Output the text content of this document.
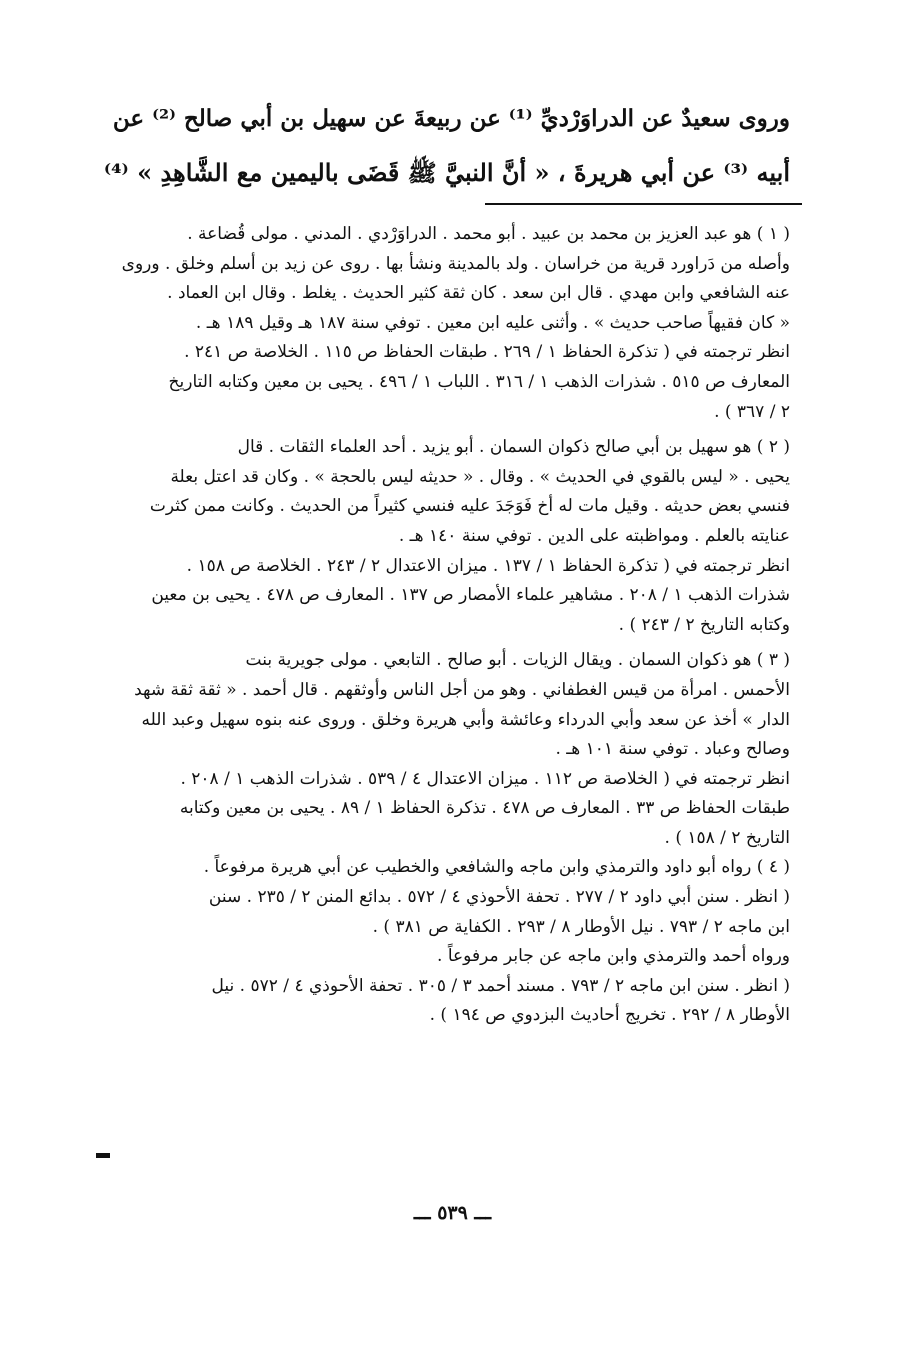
وروى سعيدٌ عن الدراوَرْديِّ ⁽¹⁾ عن ربيعةَ عن سهيل بن أبي صالح ⁽²⁾ عن

أبيه ⁽³⁾ عن أبي هريرةَ ، « أنَّ النبيَّ ﷺ قَضَى باليمين مع الشَّاهِدِ » ⁽⁴⁾

( ١ ) هو عبد العزيز بن محمد بن عبيد . أبو محمد . الدراوَرْدي . المدني . مولى قُضاعة .

وأصله من دَراورد قرية من خراسان . ولد بالمدينة ونشأ بها . روى عن زيد بن أسلم وخلق . وروى

عنه الشافعي وابن مهدي . قال ابن سعد . كان ثقة كثير الحديث . يغلط . وقال ابن العماد .

« كان فقيهاً صاحب حديث » . وأثنى عليه ابن معين . توفي سنة ١٨٧ هـ وقيل ١٨٩ هـ .

انظر ترجمته في ( تذكرة الحفاظ ١ / ٢٦٩ . طبقات الحفاظ ص ١١٥ . الخلاصة ص ٢٤١ .

المعارف ص ٥١٥ . شذرات الذهب ١ / ٣١٦ . اللباب ١ / ٤٩٦ . يحيى بن معين وكتابه التاريخ

٢ / ٣٦٧ ) .

( ٢ ) هو سهيل بن أبي صالح ذكوان السمان . أبو يزيد . أحد العلماء الثقات . قال

يحيى . « ليس بالقوي في الحديث » . وقال . « حديثه ليس بالحجة » . وكان قد اعتل بعلة

فنسي بعض حديثه . وقيل مات له أخ فَوَجَدَ عليه فنسي كثيراً من الحديث . وكانت ممن كثرت

عنايته بالعلم . ومواظبته على الدين . توفي سنة ١٤٠ هـ .

انظر ترجمته في ( تذكرة الحفاظ ١ / ١٣٧ . ميزان الاعتدال ٢ / ٢٤٣ . الخلاصة ص ١٥٨ .

شذرات الذهب ١ / ٢٠٨ . مشاهير علماء الأمصار ص ١٣٧ . المعارف ص ٤٧٨ . يحيى بن معين

وكتابه التاريخ ٢ / ٢٤٣ ) .

( ٣ ) هو ذكوان السمان . ويقال الزيات . أبو صالح . التابعي . مولى جويرية بنت

الأحمس . امرأة من قيس الغطفاني . وهو من أجل الناس وأوثقهم . قال أحمد . « ثقة ثقة شهد

الدار » أخذ عن سعد وأبي الدرداء وعائشة وأبي هريرة وخلق . وروى عنه بنوه سهيل وعبد الله

وصالح وعباد . توفي سنة ١٠١ هـ .

انظر ترجمته في ( الخلاصة ص ١١٢ . ميزان الاعتدال ٤ / ٥٣٩ . شذرات الذهب ١ / ٢٠٨ .

طبقات الحفاظ ص ٣٣ . المعارف ص ٤٧٨ . تذكرة الحفاظ ١ / ٨٩ . يحيى بن معين وكتابه

التاريخ ٢ / ١٥٨ ) .

( ٤ ) رواه أبو داود والترمذي وابن ماجه والشافعي والخطيب عن أبي هريرة مرفوعاً .

( انظر . سنن أبي داود ٢ / ٢٧٧ . تحفة الأحوذي ٤ / ٥٧٢ . بدائع المنن ٢ / ٢٣٥ . سنن

ابن ماجه ٢ / ٧٩٣ . نيل الأوطار ٨ / ٢٩٣ . الكفاية ص ٣٨١ ) .

ورواه أحمد والترمذي وابن ماجه عن جابر مرفوعاً .

( انظر . سنن ابن ماجه ٢ / ٧٩٣ . مسند أحمد ٣ / ٣٠٥ . تحفة الأحوذي ٤ / ٥٧٢ . نيل

الأوطار ٨ / ٢٩٢ . تخريج أحاديث البزدوي ص ١٩٤ ) .

ـــ ٥٣٩ ـــ
